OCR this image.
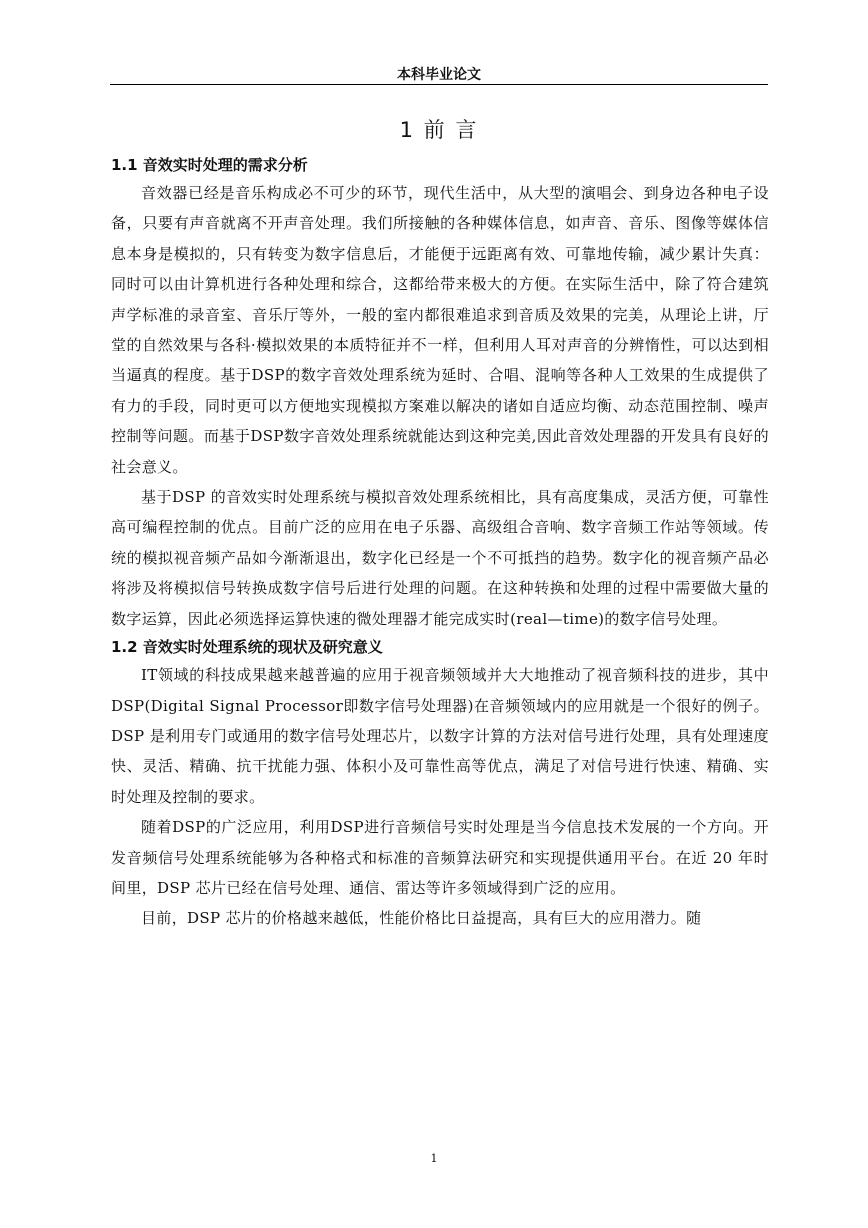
本科毕业论文
1 前 言

1.1 音效实时处理的需求分析

音效器已经是音乐构成必不可少的环节，现代生活中，从大型的演唱会、到身边各种电子设备，只要有声音就离不开声音处理。我们所接触的各种媒体信息，如声音、音乐、图像等媒体信息本身是模拟的，只有转变为数字信息后，才能便于远距离有效、可靠地传输，减少累计失真：同时可以由计算机进行各种处理和综合，这都给带来极大的方便。在实际生活中，除了符合建筑声学标准的录音室、音乐厅等外，一般的室内都很难追求到音质及效果的完美，从理论上讲，厅堂的自然效果与各科·模拟效果的本质特征并不一样，但利用人耳对声音的分辨惰性，可以达到相当逼真的程度。基于DSP的数字音效处理系统为延时、合唱、混响等各种人工效果的生成提供了有力的手段，同时更可以方便地实现模拟方案难以解决的诸如自适应均衡、动态范围控制、噪声控制等问题。而基于DSP数字音效处理系统就能达到这种完美,因此音效处理器的开发具有良好的社会意义。

基于DSP 的音效实时处理系统与模拟音效处理系统相比，具有高度集成，灵活方便，可靠性高可编程控制的优点。目前广泛的应用在电子乐器、高级组合音响、数字音频工作站等领域。传统的模拟视音频产品如今渐渐退出，数字化已经是一个不可抵挡的趋势。数字化的视音频产品必将涉及将模拟信号转换成数字信号后进行处理的问题。在这种转换和处理的过程中需要做大量的数字运算，因此必须选择运算快速的微处理器才能完成实时(real—time)的数字信号处理。

1.2 音效实时处理系统的现状及研究意义

IT领域的科技成果越来越普遍的应用于视音频领域并大大地推动了视音频科技的进步，其中DSP(Digital Signal Processor即数字信号处理器)在音频领域内的应用就是一个很好的例子。DSP 是利用专门或通用的数字信号处理芯片，以数字计算的方法对信号进行处理，具有处理速度快、灵活、精确、抗干扰能力强、体积小及可靠性高等优点，满足了对信号进行快速、精确、实时处理及控制的要求。

随着DSP的广泛应用，利用DSP进行音频信号实时处理是当今信息技术发展的一个方向。开发音频信号处理系统能够为各种格式和标准的音频算法研究和实现提供通用平台。在近 20 年时间里，DSP 芯片已经在信号处理、通信、雷达等许多领域得到广泛的应用。

目前，DSP 芯片的价格越来越低，性能价格比日益提高，具有巨大的应用潜力。随

1
